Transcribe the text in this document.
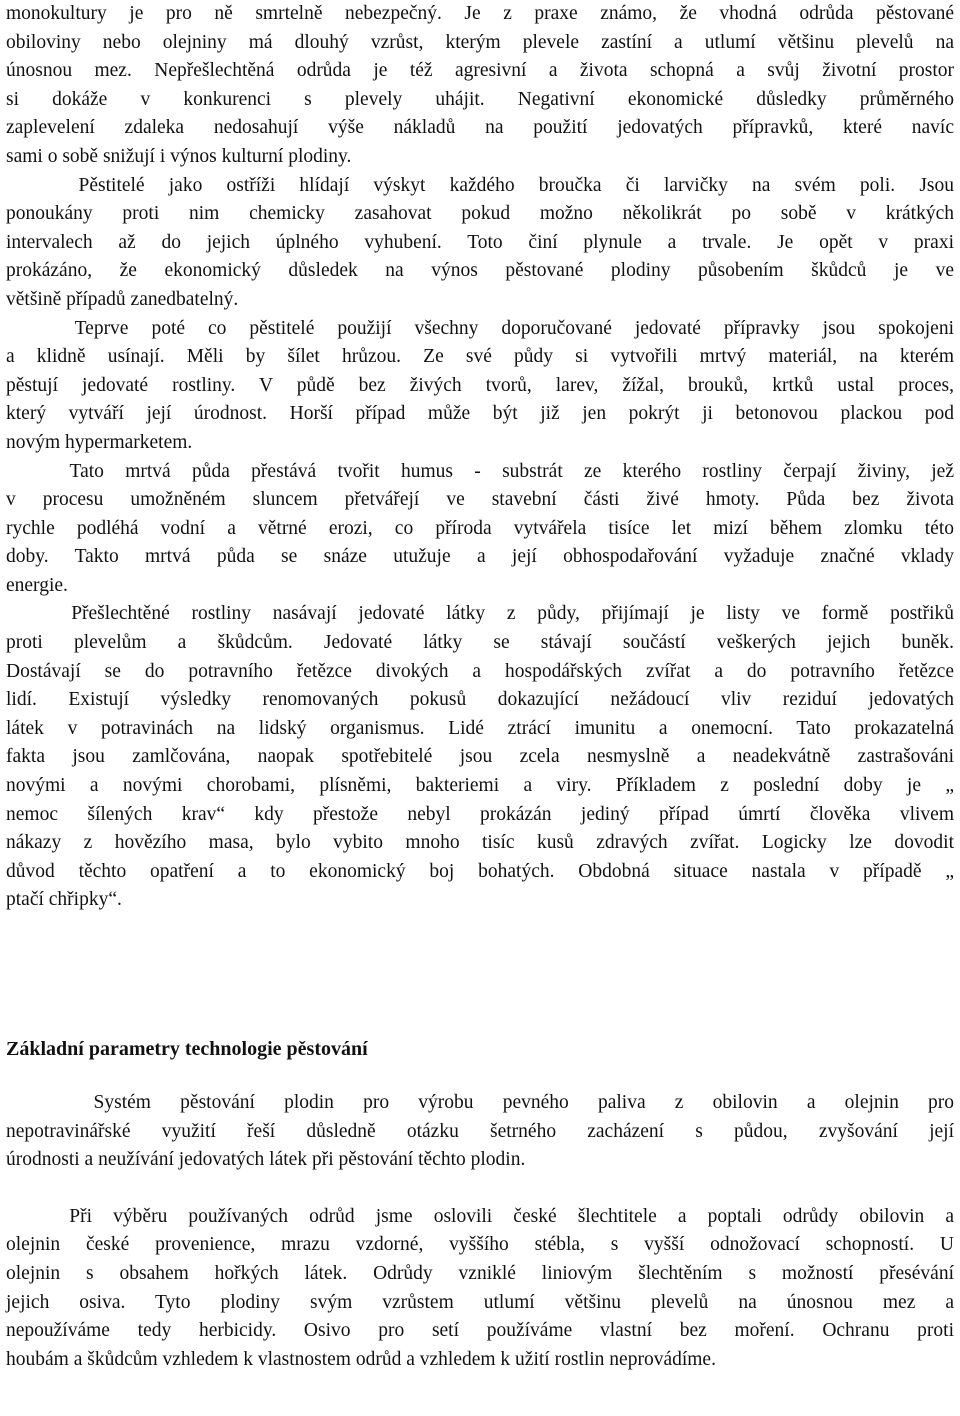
monokultury je pro ně smrtelně nebezpečný. Je z praxe známo, že vhodná odrůda pěstované
obiloviny nebo olejniny má dlouhý vzrůst, kterým plevele zastíní a utlumí většinu plevelů na
únosnou mez. Nepřešlechtěná odrůda je též agresivní a života schopná a svůj životní prostor
si dokáže v konkurenci s plevely uhájit. Negativní ekonomické důsledky průměrného
zaplevelení zdaleka nedosahují výše nákladů na použití jedovatých přípravků, které navíc
sami o sobě snižují i výnos kulturní plodiny.
Pěstitelé jako ostříži hlídají výskyt každého broučka či larvičky na svém poli. Jsou
ponoukány proti nim chemicky zasahovat pokud možno několikrát po sobě v krátkých
intervalech až do jejich úplného vyhubení. Toto činí plynule a trvale. Je opět v praxi
prokázáno, že ekonomický důsledek na výnos pěstované plodiny působením škůdců je ve
většině případů zanedbatelný.
Teprve poté co pěstitelé použijí všechny doporučované jedovaté přípravky jsou spokojeni
a klidně usínají. Měli by šílet hrůzou. Ze své půdy si vytvořili mrtvý materiál, na kterém
pěstují jedovaté rostliny. V půdě bez živých tvorů, larev, žížal, brouků, krtků ustal proces,
který vytváří její úrodnost. Horší případ může být již jen pokrýt ji betonovou plackou pod
novým hypermarketem.
Tato mrtvá půda přestává tvořit humus - substrát ze kterého rostliny čerpají živiny, jež
v procesu umožněném sluncem přetvářejí ve stavební části živé hmoty. Půda bez života
rychle podléhá vodní a větrné erozi, co příroda vytvářela tisíce let mizí během zlomku této
doby. Takto mrtvá půda se snáze utužuje a její obhospodařování vyžaduje značné vklady
energie.
Přešlechtěné rostliny nasávají jedovaté látky z půdy, přijímají je listy ve formě postřiků
proti plevelům a škůdcům. Jedovaté látky se stávají součástí veškerých jejich buněk.
Dostávají se do potravního řetězce divokých a hospodářských zvířat a do potravního řetězce
lidí. Existují výsledky renomovaných pokusů dokazující nežádoucí vliv reziduí jedovatých
látek v potravinách na lidský organismus. Lidé ztrácí imunitu a onemocní. Tato prokazatelná
fakta jsou zamlčována, naopak spotřebitelé jsou zcela nesmyslně a neadekvátně zastrašováni
novými a novými chorobami, plísněmi, bakteriemi a viry. Příkladem z poslední doby je „
nemoc šílených krav“ kdy přestože nebyl prokázán jediný případ úmrtí člověka vlivem
nákazy z hovězího masa, bylo vybito mnoho tisíc kusů zdravých zvířat. Logicky lze dovodit
důvod těchto opatření a to ekonomický boj bohatých. Obdobná situace nastala v případě „
ptačí chřipky“.
Základní parametry technologie pěstování
Systém pěstování plodin pro výrobu pevného paliva z obilovin a olejnin pro
nepotravinářské využití řeší důsledně otázku šetrného zacházení s půdou, zvyšování její
úrodnosti a neužívání jedovatých látek při pěstování těchto plodin.
Při výběru používaných odrůd jsme oslovili české šlechtitele a poptali odrůdy obilovin a
olejnin české provenience, mrazu vzdorné, vyššího stébla, s vyšší odnožovací schopností. U
olejnin s obsahem hořkých látek. Odrůdy vzniklé liniovým šlechtěním s možností přesévání
jejich osiva. Tyto plodiny svým vzrůstem utlumí většinu plevelů na únosnou mez a
nepoužíváme tedy herbicidy. Osivo pro setí používáme vlastní bez moření. Ochranu proti
houbám a škůdcům vzhledem k vlastnostem odrůd a vzhledem k užití rostlin neprovádíme.
